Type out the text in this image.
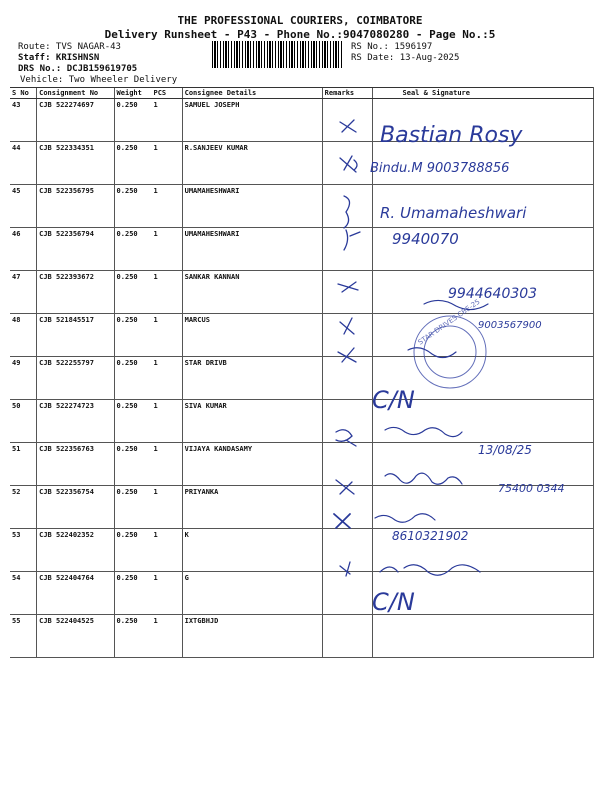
THE PROFESSIONAL COURIERS, COIMBATORE
Delivery Runsheet - P43 - Phone No.:9047080280 - Page No.:5
Route: TVS NAGAR-43
Staff: KRISHNSN
DRS No.: DCJB159619705
RS No.: 1596197
RS Date: 13-Aug-2025
Vehicle: Two Wheeler Delivery
S No	Consignment No	Weight	PCS	Consignee Details	Remarks	Seal & Signature
43	CJB 522274697	0.250	1	SAMUEL JOSEPH		
44	CJB 522334351	0.250	1	R.SANJEEV KUMAR		
45	CJB 522356795	0.250	1	UMAMAHESHWARI		
46	CJB 522356794	0.250	1	UMAMAHESHWARI		
47	CJB 522393672	0.250	1	SANKAR KANNAN		
48	CJB 521845517	0.250	1	MARCUS		
49	CJB 522255797	0.250	1	STAR DRIVB		
50	CJB 522274723	0.250	1	SIVA KUMAR		
51	CJB 522356763	0.250	1	VIJAYA KANDASAMY		
52	CJB 522356754	0.250	1	PRIYANKA		
53	CJB 522402352	0.250	1	K		
54	CJB 522404764	0.250	1	G		
55	CJB 522404525	0.250	1	IXTGBHJD		
STAR DRIVES CBE-25
Bastian Rosy
Bindu.M 9003788856
R. Umamaheshwari
9940070
9944640303
9003567900
13/08/25
75400 0344
8610321902
C/N
C/N
